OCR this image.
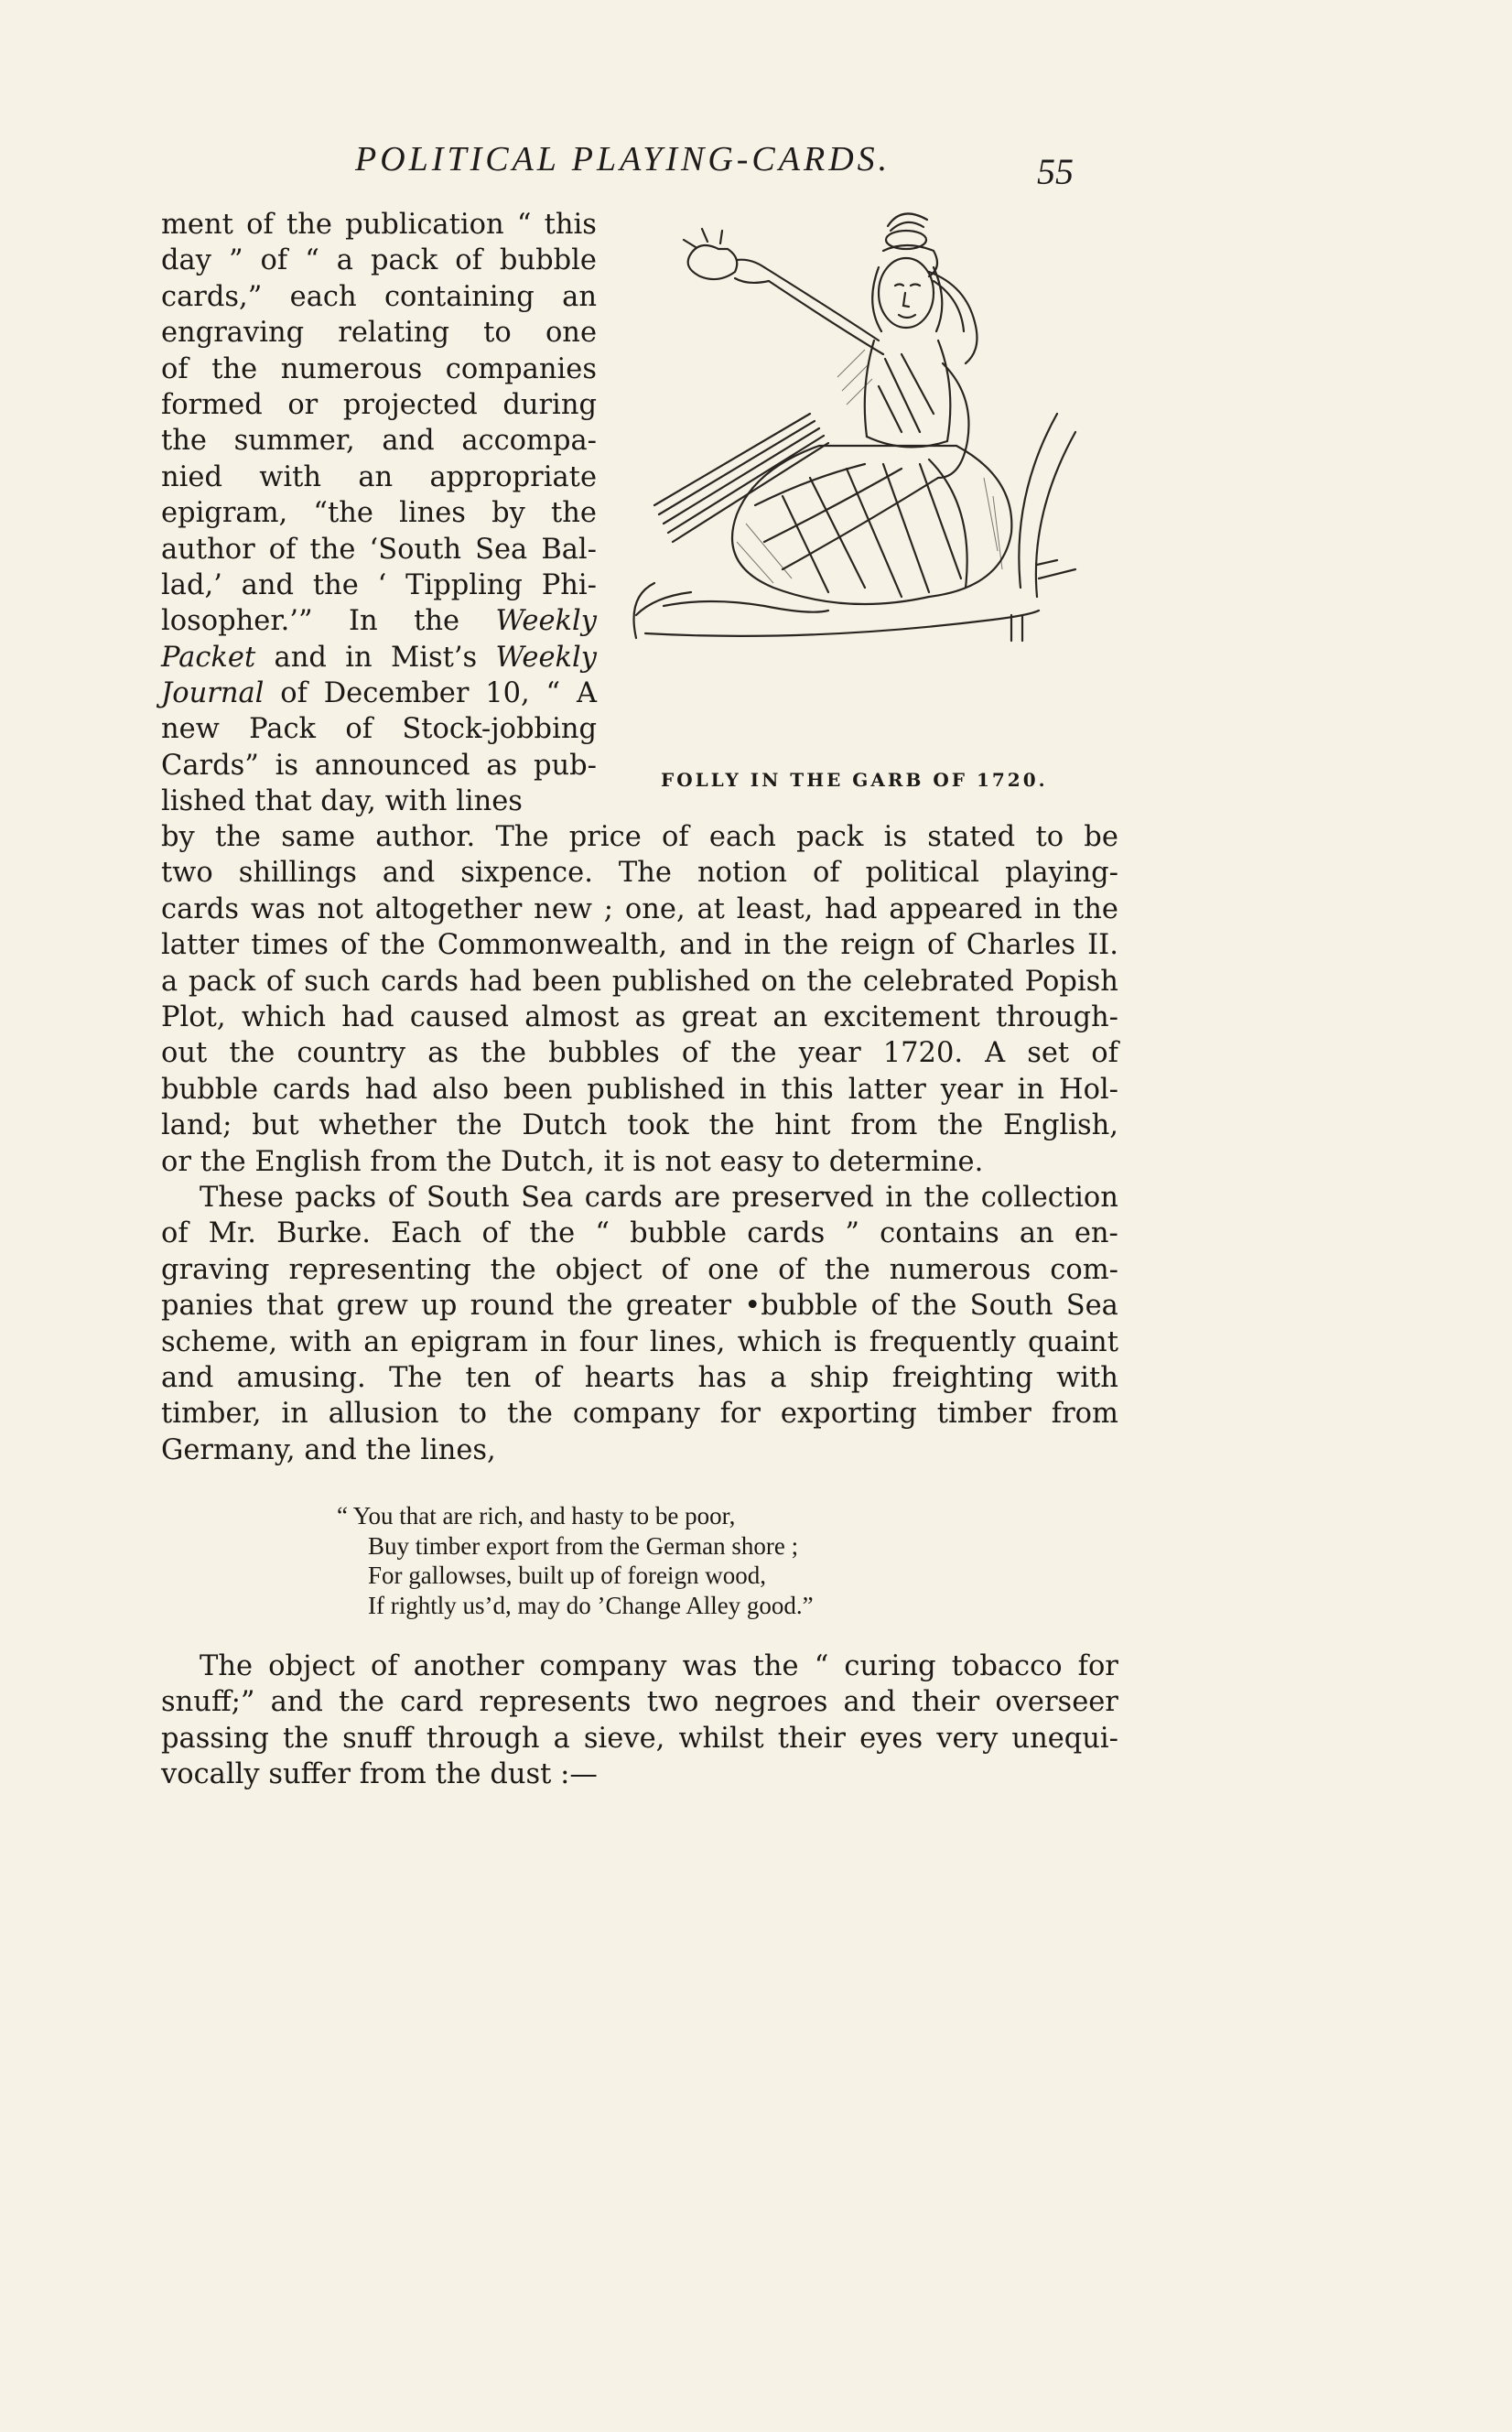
POLITICAL PLAYING-CARDS.	55
ment of the publication “ this
day ” of “ a pack of bubble
cards,” each containing an
engraving relating to one
of the numerous companies
formed or projected during
the summer, and accompa-
nied with an appropriate
epigram, “the lines by the
author of the ‘South Sea Bal-
lad,’ and the ‘ Tippling Phi-
losopher.’” In the Weekly
Packet and in Mist’s Weekly
Journal of December 10, “ A
new Pack of Stock-jobbing
Cards” is announced as pub-
lished that day, with lines
FOLLY IN THE GARB OF 1720.
by the same author. The price of each pack is stated to be
two shillings and sixpence. The notion of political playing-
cards was not altogether new ; one, at least, had appeared in the
latter times of the Commonwealth, and in the reign of Charles II.
a pack of such cards had been published on the celebrated Popish
Plot, which had caused almost as great an excitement through-
out the country as the bubbles of the year 1720. A set of
bubble cards had also been published in this latter year in Hol-
land; but whether the Dutch took the hint from the English,
or the English from the Dutch, it is not easy to determine.
These packs of South Sea cards are preserved in the collection
of Mr. Burke. Each of the “ bubble cards ” contains an en-
graving representing the object of one of the numerous com-
panies that grew up round the greater •bubble of the South Sea
scheme, with an epigram in four lines, which is frequently quaint
and amusing. The ten of hearts has a ship freighting with
timber, in allusion to the company for exporting timber from
Germany, and the lines,
“ You that are rich, and hasty to be poor,
Buy timber export from the German shore ;
For gallowses, built up of foreign wood,
If rightly us’d, may do ’Change Alley good.”
The object of another company was the “ curing tobacco for
snuff;” and the card represents two negroes and their overseer
passing the snuff through a sieve, whilst their eyes very unequi-
vocally suffer from the dust :—
